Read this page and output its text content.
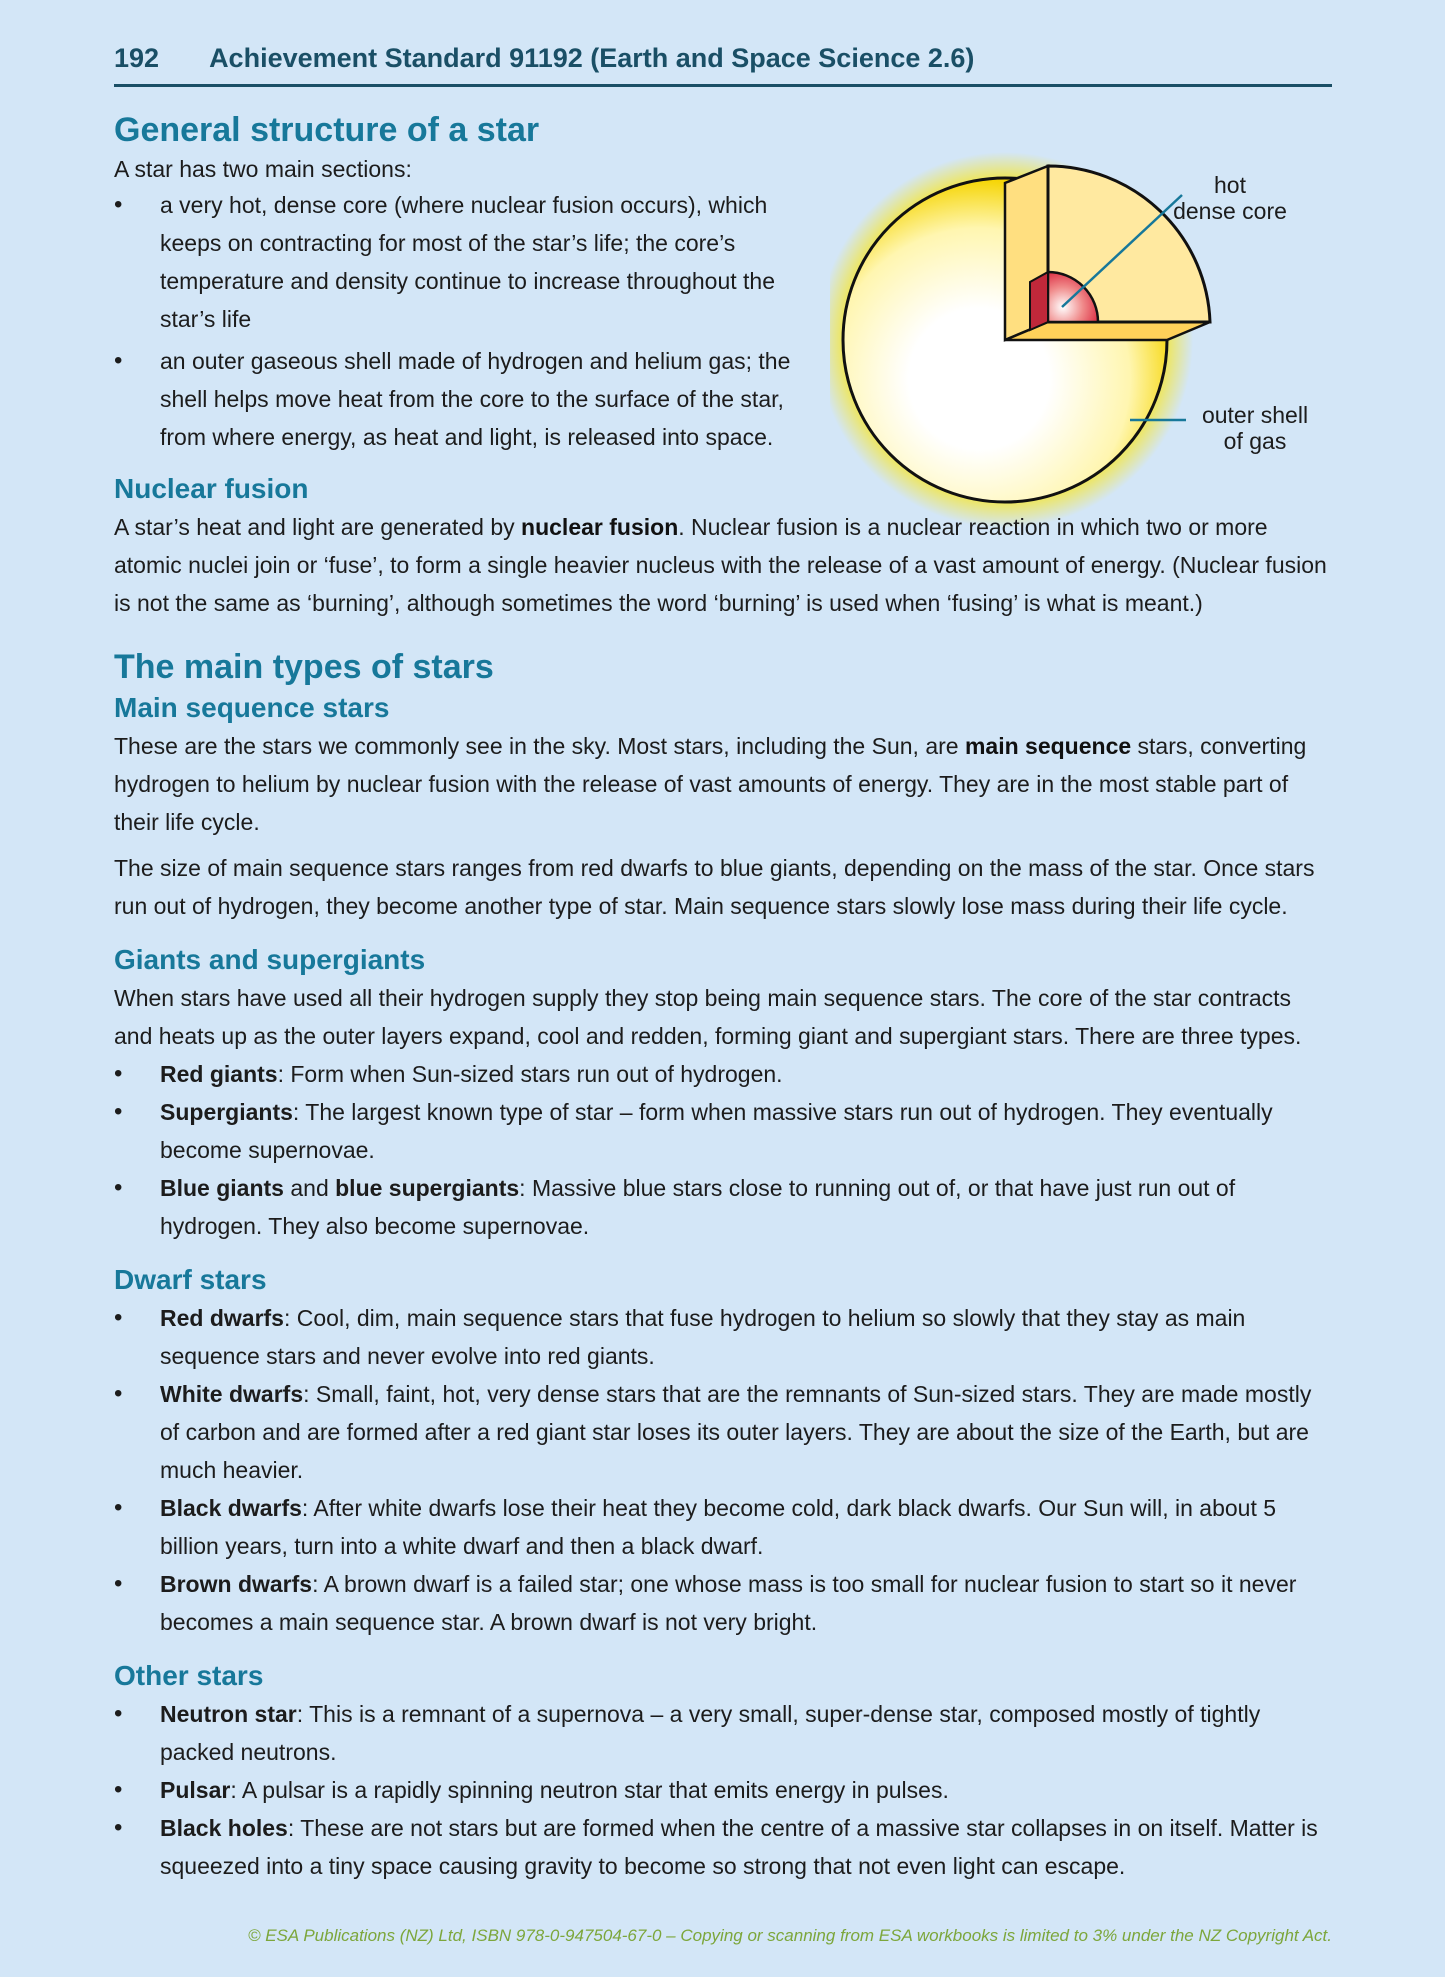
192 Achievement Standard 91192 (Earth and Space Science 2.6)
General structure of a star

A star has two main sections:

• a very hot, dense core (where nuclear fusion occurs), which keeps on contracting for most of the star’s life; the core’s temperature and density continue to increase throughout the star’s life
• an outer gaseous shell made of hydrogen and helium gas; the shell helps move heat from the core to the surface of the star, from where energy, as heat and light, is released into space.
hot
dense core
outer shell
of gas
Nuclear fusion

A star’s heat and light are generated by nuclear fusion. Nuclear fusion is a nuclear reaction in which two or more atomic nuclei join or ‘fuse’, to form a single heavier nucleus with the release of a vast amount of energy. (Nuclear fusion is not the same as ‘burning’, although sometimes the word ‘burning’ is used when ‘fusing’ is what is meant.)

The main types of stars
Main sequence stars

These are the stars we commonly see in the sky. Most stars, including the Sun, are main sequence stars, converting hydrogen to helium by nuclear fusion with the release of vast amounts of energy. They are in the most stable part of their life cycle.

The size of main sequence stars ranges from red dwarfs to blue giants, depending on the mass of the star. Once stars run out of hydrogen, they become another type of star. Main sequence stars slowly lose mass during their life cycle.

Giants and supergiants

When stars have used all their hydrogen supply they stop being main sequence stars. The core of the star contracts and heats up as the outer layers expand, cool and redden, forming giant and supergiant stars. There are three types.

• Red giants: Form when Sun-sized stars run out of hydrogen.
• Supergiants: The largest known type of star – form when massive stars run out of hydrogen. They eventually become supernovae.
• Blue giants and blue supergiants: Massive blue stars close to running out of, or that have just run out of hydrogen. They also become supernovae.
Dwarf stars
• Red dwarfs: Cool, dim, main sequence stars that fuse hydrogen to helium so slowly that they stay as main sequence stars and never evolve into red giants.
• White dwarfs: Small, faint, hot, very dense stars that are the remnants of Sun-sized stars. They are made mostly of carbon and are formed after a red giant star loses its outer layers. They are about the size of the Earth, but are much heavier.
• Black dwarfs: After white dwarfs lose their heat they become cold, dark black dwarfs. Our Sun will, in about 5 billion years, turn into a white dwarf and then a black dwarf.
• Brown dwarfs: A brown dwarf is a failed star; one whose mass is too small for nuclear fusion to start so it never becomes a main sequence star. A brown dwarf is not very bright.
Other stars
• Neutron star: This is a remnant of a supernova – a very small, super-dense star, composed mostly of tightly packed neutrons.
• Pulsar: A pulsar is a rapidly spinning neutron star that emits energy in pulses.
• Black holes: These are not stars but are formed when the centre of a massive star collapses in on itself. Matter is squeezed into a tiny space causing gravity to become so strong that not even light can escape.
© ESA Publications (NZ) Ltd, ISBN 978-0-947504-67-0 – Copying or scanning from ESA workbooks is limited to 3% under the NZ Copyright Act.
